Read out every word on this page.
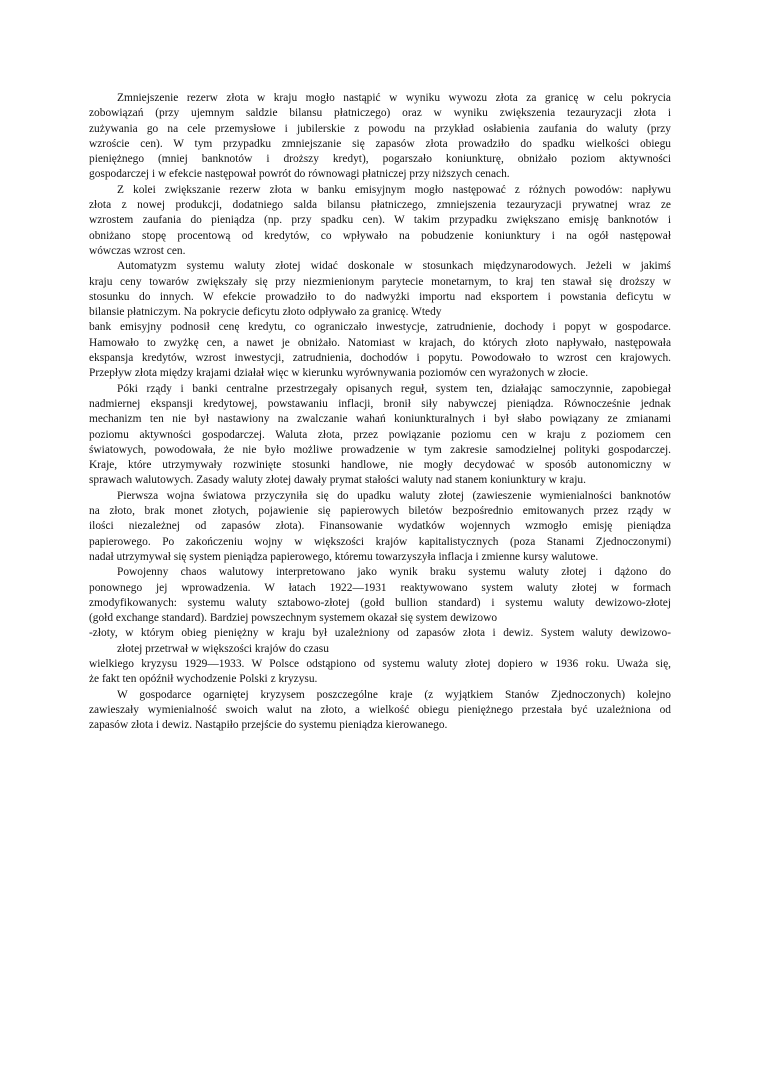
Zmniejszenie rezerw złota w kraju mogło nastąpić w wyniku wywozu złota za granicę w celu pokrycia
zobowiązań (przy ujemnym saldzie bilansu płatniczego) oraz w wyniku zwiększenia tezauryzacji złota i
zużywania go na cele przemysłowe i jubilerskie z powodu na przykład osłabienia zaufania do waluty (przy
wzroście cen). W tym przypadku zmniejszanie się zapasów złota prowadziło do spadku wielkości obiegu
pieniężnego (mniej banknotów i droższy kredyt), pogarszało koniunkturę, obniżało poziom aktywności
gospodarczej i w efekcie następował powrót do równowagi płatniczej przy niższych cenach.
Z kolei zwiększanie rezerw złota w banku emisyjnym mogło następować z różnych powodów: napływu
złota z nowej produkcji, dodatniego salda bilansu płatniczego, zmniejszenia tezauryzacji prywatnej wraz ze
wzrostem zaufania do pieniądza (np. przy spadku cen). W takim przypadku zwiększano emisję banknotów i
obniżano stopę procentową od kredytów, co wpływało na pobudzenie koniunktury i na ogół następował
wówczas wzrost cen.
Automatyzm systemu waluty złotej widać doskonale w stosunkach międzynarodowych. Jeżeli w jakimś
kraju ceny towarów zwiększały się przy niezmienionym parytecie monetarnym, to kraj ten stawał się droższy w
stosunku do innych. W efekcie prowadziło to do nadwyżki importu nad eksportem i powstania deficytu w
bilansie płatniczym. Na pokrycie deficytu złoto odpływało za granicę. Wtedy
bank emisyjny podnosił cenę kredytu, co ograniczało inwestycje, zatrudnienie, dochody i popyt w gospodarce.
Hamowało to zwyżkę cen, a nawet je obniżało. Natomiast w krajach, do których złoto napływało, następowała
ekspansja kredytów, wzrost inwestycji, zatrudnienia, dochodów i popytu. Powodowało to wzrost cen krajowych.
Przepływ złota między krajami działał więc w kierunku wyrównywania poziomów cen wyrażonych w złocie.
Póki rządy i banki centralne przestrzegały opisanych reguł, system ten, działając samoczynnie, zapobiegał
nadmiernej ekspansji kredytowej, powstawaniu inflacji, bronił siły nabywczej pieniądza. Równocześnie jednak
mechanizm ten nie był nastawiony na zwalczanie wahań koniunkturalnych i był słabo powiązany ze zmianami
poziomu aktywności gospodarczej. Waluta złota, przez powiązanie poziomu cen w kraju z poziomem cen
światowych, powodowała, że nie było możliwe prowadzenie w tym zakresie samodzielnej polityki gospodarczej.
Kraje, które utrzymywały rozwinięte stosunki handlowe, nie mogły decydować w sposób autonomiczny w
sprawach walutowych. Zasady waluty złotej dawały prymat stałości waluty nad stanem koniunktury w kraju.
Pierwsza wojna światowa przyczyniła się do upadku waluty złotej (zawieszenie wymienialności banknotów
na złoto, brak monet złotych, pojawienie się papierowych biletów bezpośrednio emitowanych przez rządy w
ilości niezależnej od zapasów złota). Finansowanie wydatków wojennych wzmogło emisję pieniądza
papierowego. Po zakończeniu wojny w większości krajów kapitalistycznych (poza Stanami Zjednoczonymi)
nadał utrzymywał się system pieniądza papierowego, któremu towarzyszyła inflacja i zmienne kursy walutowe.
Powojenny chaos walutowy interpretowano jako wynik braku systemu waluty złotej i dążono do
ponownego jej wprowadzenia. W łatach 1922—1931 reaktywowano system waluty złotej w formach
zmodyfikowanych: systemu waluty sztabowo-złotej (gołd bullion standard) i systemu waluty dewizowo-złotej
(gołd exchange standard). Bardziej powszechnym systemem okazał się system dewizowo
-złoty, w którym obieg pieniężny w kraju był uzależniony od zapasów złota i dewiz. System waluty dewizowo-
złotej przetrwał w większości krajów do czasu
wielkiego kryzysu 1929—1933. W Polsce odstąpiono od systemu waluty złotej dopiero w 1936 roku. Uważa się,
że fakt ten opóźnił wychodzenie Polski z kryzysu.
W gospodarce ogarniętej kryzysem poszczególne kraje (z wyjątkiem Stanów Zjednoczonych) kolejno
zawieszały wymienialność swoich walut na złoto, a wielkość obiegu pieniężnego przestała być uzależniona od
zapasów złota i dewiz. Nastąpiło przejście do systemu pieniądza kierowanego.
